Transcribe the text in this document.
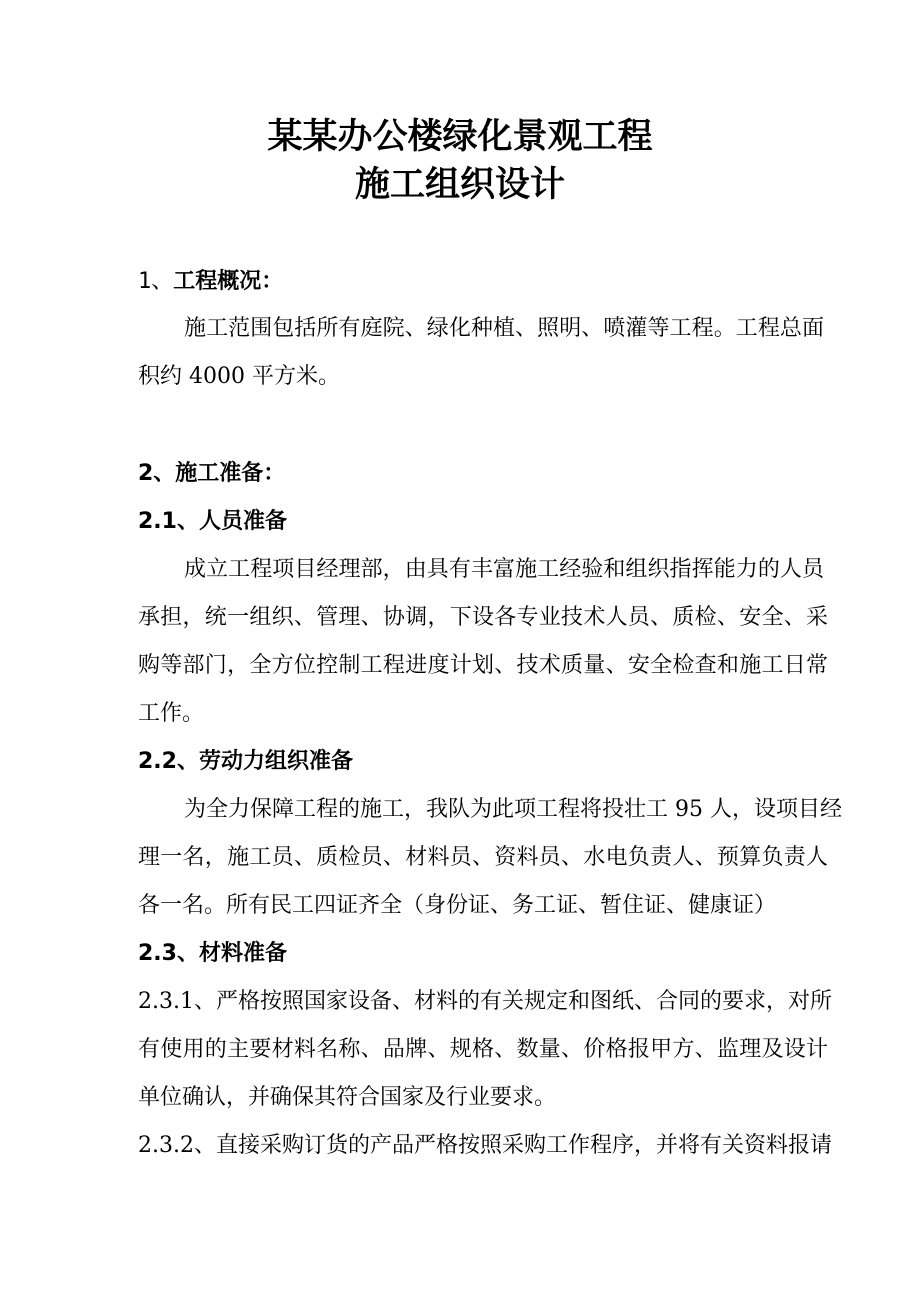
某某办公楼绿化景观工程
施工组织设计
1、工程概况：
施工范围包括所有庭院、绿化种植、照明、喷灌等工程。工程总面
积约 4000 平方米。
2、施工准备：
2.1、人员准备
成立工程项目经理部，由具有丰富施工经验和组织指挥能力的人员
承担，统一组织、管理、协调，下设各专业技术人员、质检、安全、采
购等部门，全方位控制工程进度计划、技术质量、安全检查和施工日常
工作。
2.2、劳动力组织准备
为全力保障工程的施工，我队为此项工程将投壮工 95 人，设项目经
理一名，施工员、质检员、材料员、资料员、水电负责人、预算负责人
各一名。所有民工四证齐全（身份证、务工证、暂住证、健康证）
2.3、材料准备
2.3.1、严格按照国家设备、材料的有关规定和图纸、合同的要求，对所
有使用的主要材料名称、品牌、规格、数量、价格报甲方、监理及设计
单位确认，并确保其符合国家及行业要求。
2.3.2、直接采购订货的产品严格按照采购工作程序，并将有关资料报请
